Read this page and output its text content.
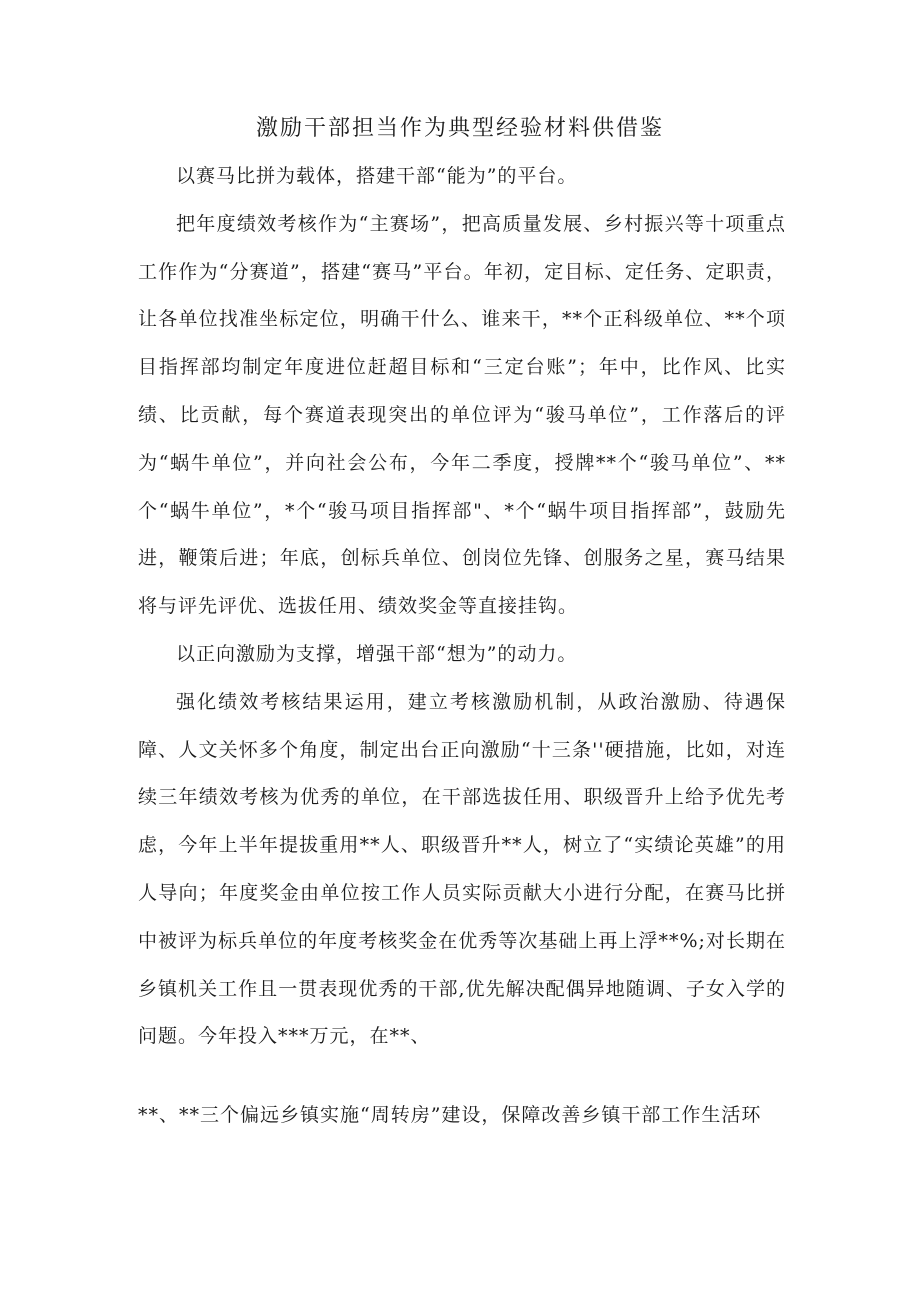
激励干部担当作为典型经验材料供借鉴

以赛马比拼为载体，搭建干部“能为”的平台。

把年度绩效考核作为“主赛场”，把高质量发展、乡村振兴等十项重点工作作为“分赛道”，搭建“赛马”平台。年初，定目标、定任务、定职责，让各单位找准坐标定位，明确干什么、谁来干，**个正科级单位、**个项目指挥部均制定年度进位赶超目标和“三定台账”；年中，比作风、比实绩、比贡献，每个赛道表现突出的单位评为“骏马单位”，工作落后的评为“蜗牛单位”，并向社会公布，今年二季度，授牌**个“骏马单位”、**个“蜗牛单位”，*个“骏马项目指挥部"、*个“蜗牛项目指挥部”，鼓励先进，鞭策后进；年底，创标兵单位、创岗位先锋、创服务之星，赛马结果将与评先评优、选拔任用、绩效奖金等直接挂钩。

以正向激励为支撑，增强干部“想为”的动力。

强化绩效考核结果运用，建立考核激励机制，从政治激励、待遇保障、人文关怀多个角度，制定出台正向激励“十三条''硬措施，比如，对连续三年绩效考核为优秀的单位，在干部选拔任用、职级晋升上给予优先考虑，今年上半年提拔重用**人、职级晋升**人，树立了“实绩论英雄”的用人导向；年度奖金由单位按工作人员实际贡献大小进行分配，在赛马比拼中被评为标兵单位的年度考核奖金在优秀等次基础上再上浮**%;对长期在乡镇机关工作且一贯表现优秀的干部,优先解决配偶异地随调、子女入学的问题。今年投入***万元，在**、

**、**三个偏远乡镇实施“周转房”建设，保障改善乡镇干部工作生活环
